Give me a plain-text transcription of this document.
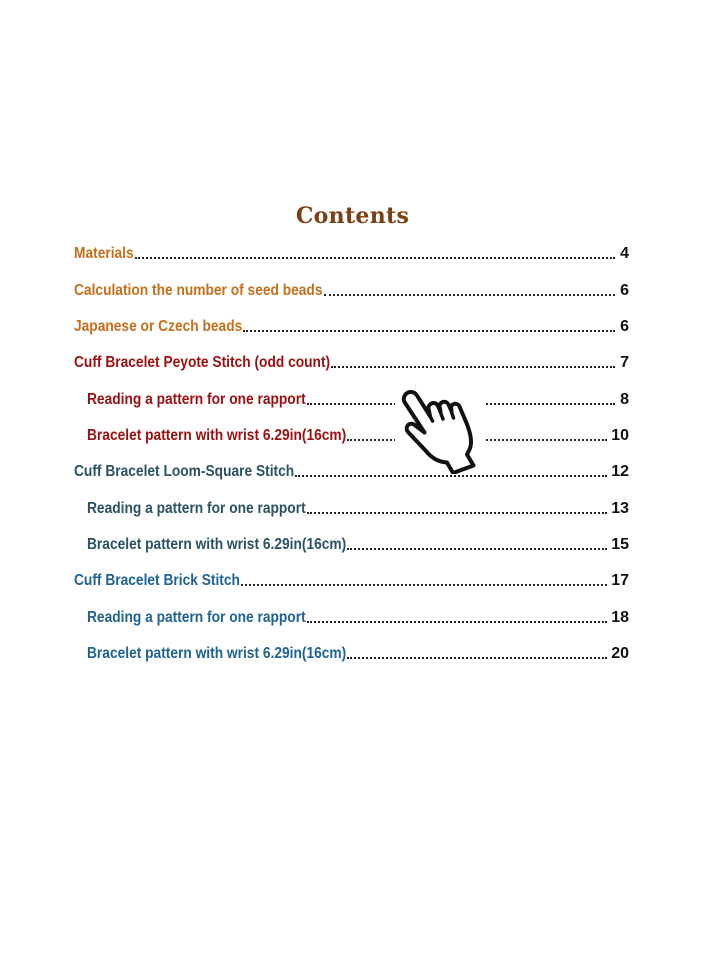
Contents
Materials	4
Calculation the number of seed beads	6
Japanese or Czech beads	6
Cuff Bracelet Peyote Stitch (odd count)	7
Reading a pattern for one rapport	8
Bracelet pattern with wrist 6.29in(16cm)	10
Cuff Bracelet Loom-Square Stitch	12
Reading a pattern for one rapport	13
Bracelet pattern with wrist 6.29in(16cm)	15
Cuff Bracelet Brick Stitch	17
Reading a pattern for one rapport	18
Bracelet pattern with wrist 6.29in(16cm)	20
